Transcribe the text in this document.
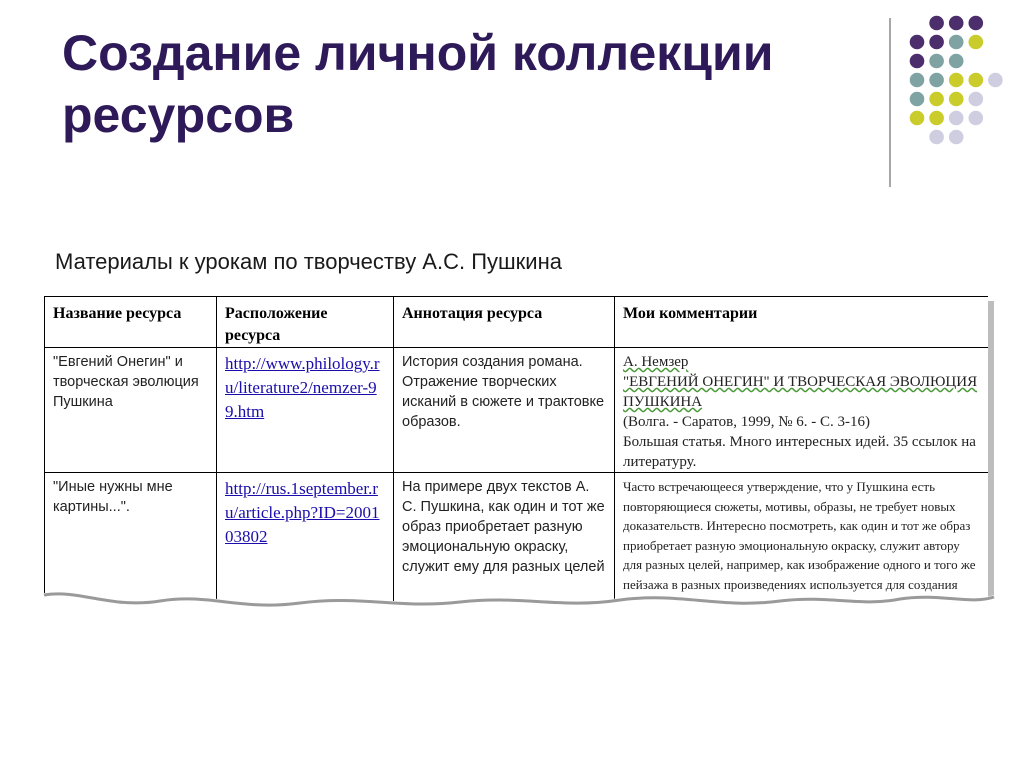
Создание личной коллекции ресурсов
Материалы к урокам по творчеству А.С. Пушкина
Название ресурса	Расположение ресурса	Аннотация ресурса	Мои комментарии
"Евгений Онегин" и творческая эволюция Пушкина	http://www.philology.ru/literature2/nemzer-99.htm	История создания романа. Отражение творческих исканий в сюжете и трактовке образов.	А. Немзер
"ЕВГЕНИЙ ОНЕГИН" И ТВОРЧЕСКАЯ ЭВОЛЮЦИЯ ПУШКИНА
(Волга. - Саратов, 1999, № 6. - С. 3-16)
Большая статья. Много интересных идей. 35 ссылок на литературу.

"Иные нужны мне картины...".	http://rus.1september.ru/article.php?ID=200103802	На примере двух текстов А. С. Пушкина, как один и тот же образ приобретает разную эмоциональную окраску, служит ему для разных целей	Часто встречающееся утверждение, что у Пушкина есть повторяющиеся сюжеты, мотивы, образы, не требует новых доказательств. Интересно посмотреть, как один и тот же образ приобретает разную эмоциональную окраску, служит автору для разных целей, например, как изображение одного и того же пейзажа в разных произведениях используется для создания
